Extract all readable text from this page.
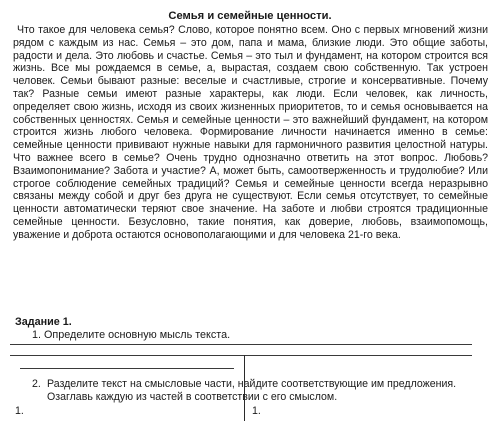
Семья и семейные ценности.

Что такое для человека семья? Слово, которое понятно всем. Оно с первых мгновений жизни рядом с каждым из нас. Семья – это дом, папа и мама, близкие люди. Это общие заботы, радости и дела. Это любовь и счастье. Семья – это тыл и фундамент, на котором строится вся жизнь. Все мы рождаемся в семье, а, вырастая, создаем свою собственную. Так устроен человек. Семьи бывают разные: веселые и счастливые, строгие и консервативные. Почему так? Разные семьи имеют разные характеры, как люди. Если человек, как личность, определяет свою жизнь, исходя из своих жизненных приоритетов, то и семья основывается на собственных ценностях. Семья и семейные ценности – это важнейший фундамент, на котором строится жизнь любого человека. Формирование личности начинается именно в семье: семейные ценности прививают нужные навыки для гармоничного развития целостной натуры. Что важнее всего в семье? Очень трудно однозначно ответить на этот вопрос. Любовь? Взаимопонимание? Забота и участие? А, может быть, самоотверженность и трудолюбие? Или строгое соблюдение семейных традиций? Семья и семейные ценности всегда неразрывно связаны между собой и друг без друга не существуют. Если семья отсутствует, то семейные ценности автоматически теряют свое значение. На заботе и любви строятся традиционные семейные ценности. Безусловно, такие понятия, как доверие, любовь, взаимопомощь, уважение и доброта остаются основополагающими и для человека 21-го века.

Задание 1.
1. Определите основную мысль текста.

2. Разделите текст на смысловые части, найдите соответствующие им предложения. Озаглавь каждую из частей в соответствии с его смыслом.

1.	1.
